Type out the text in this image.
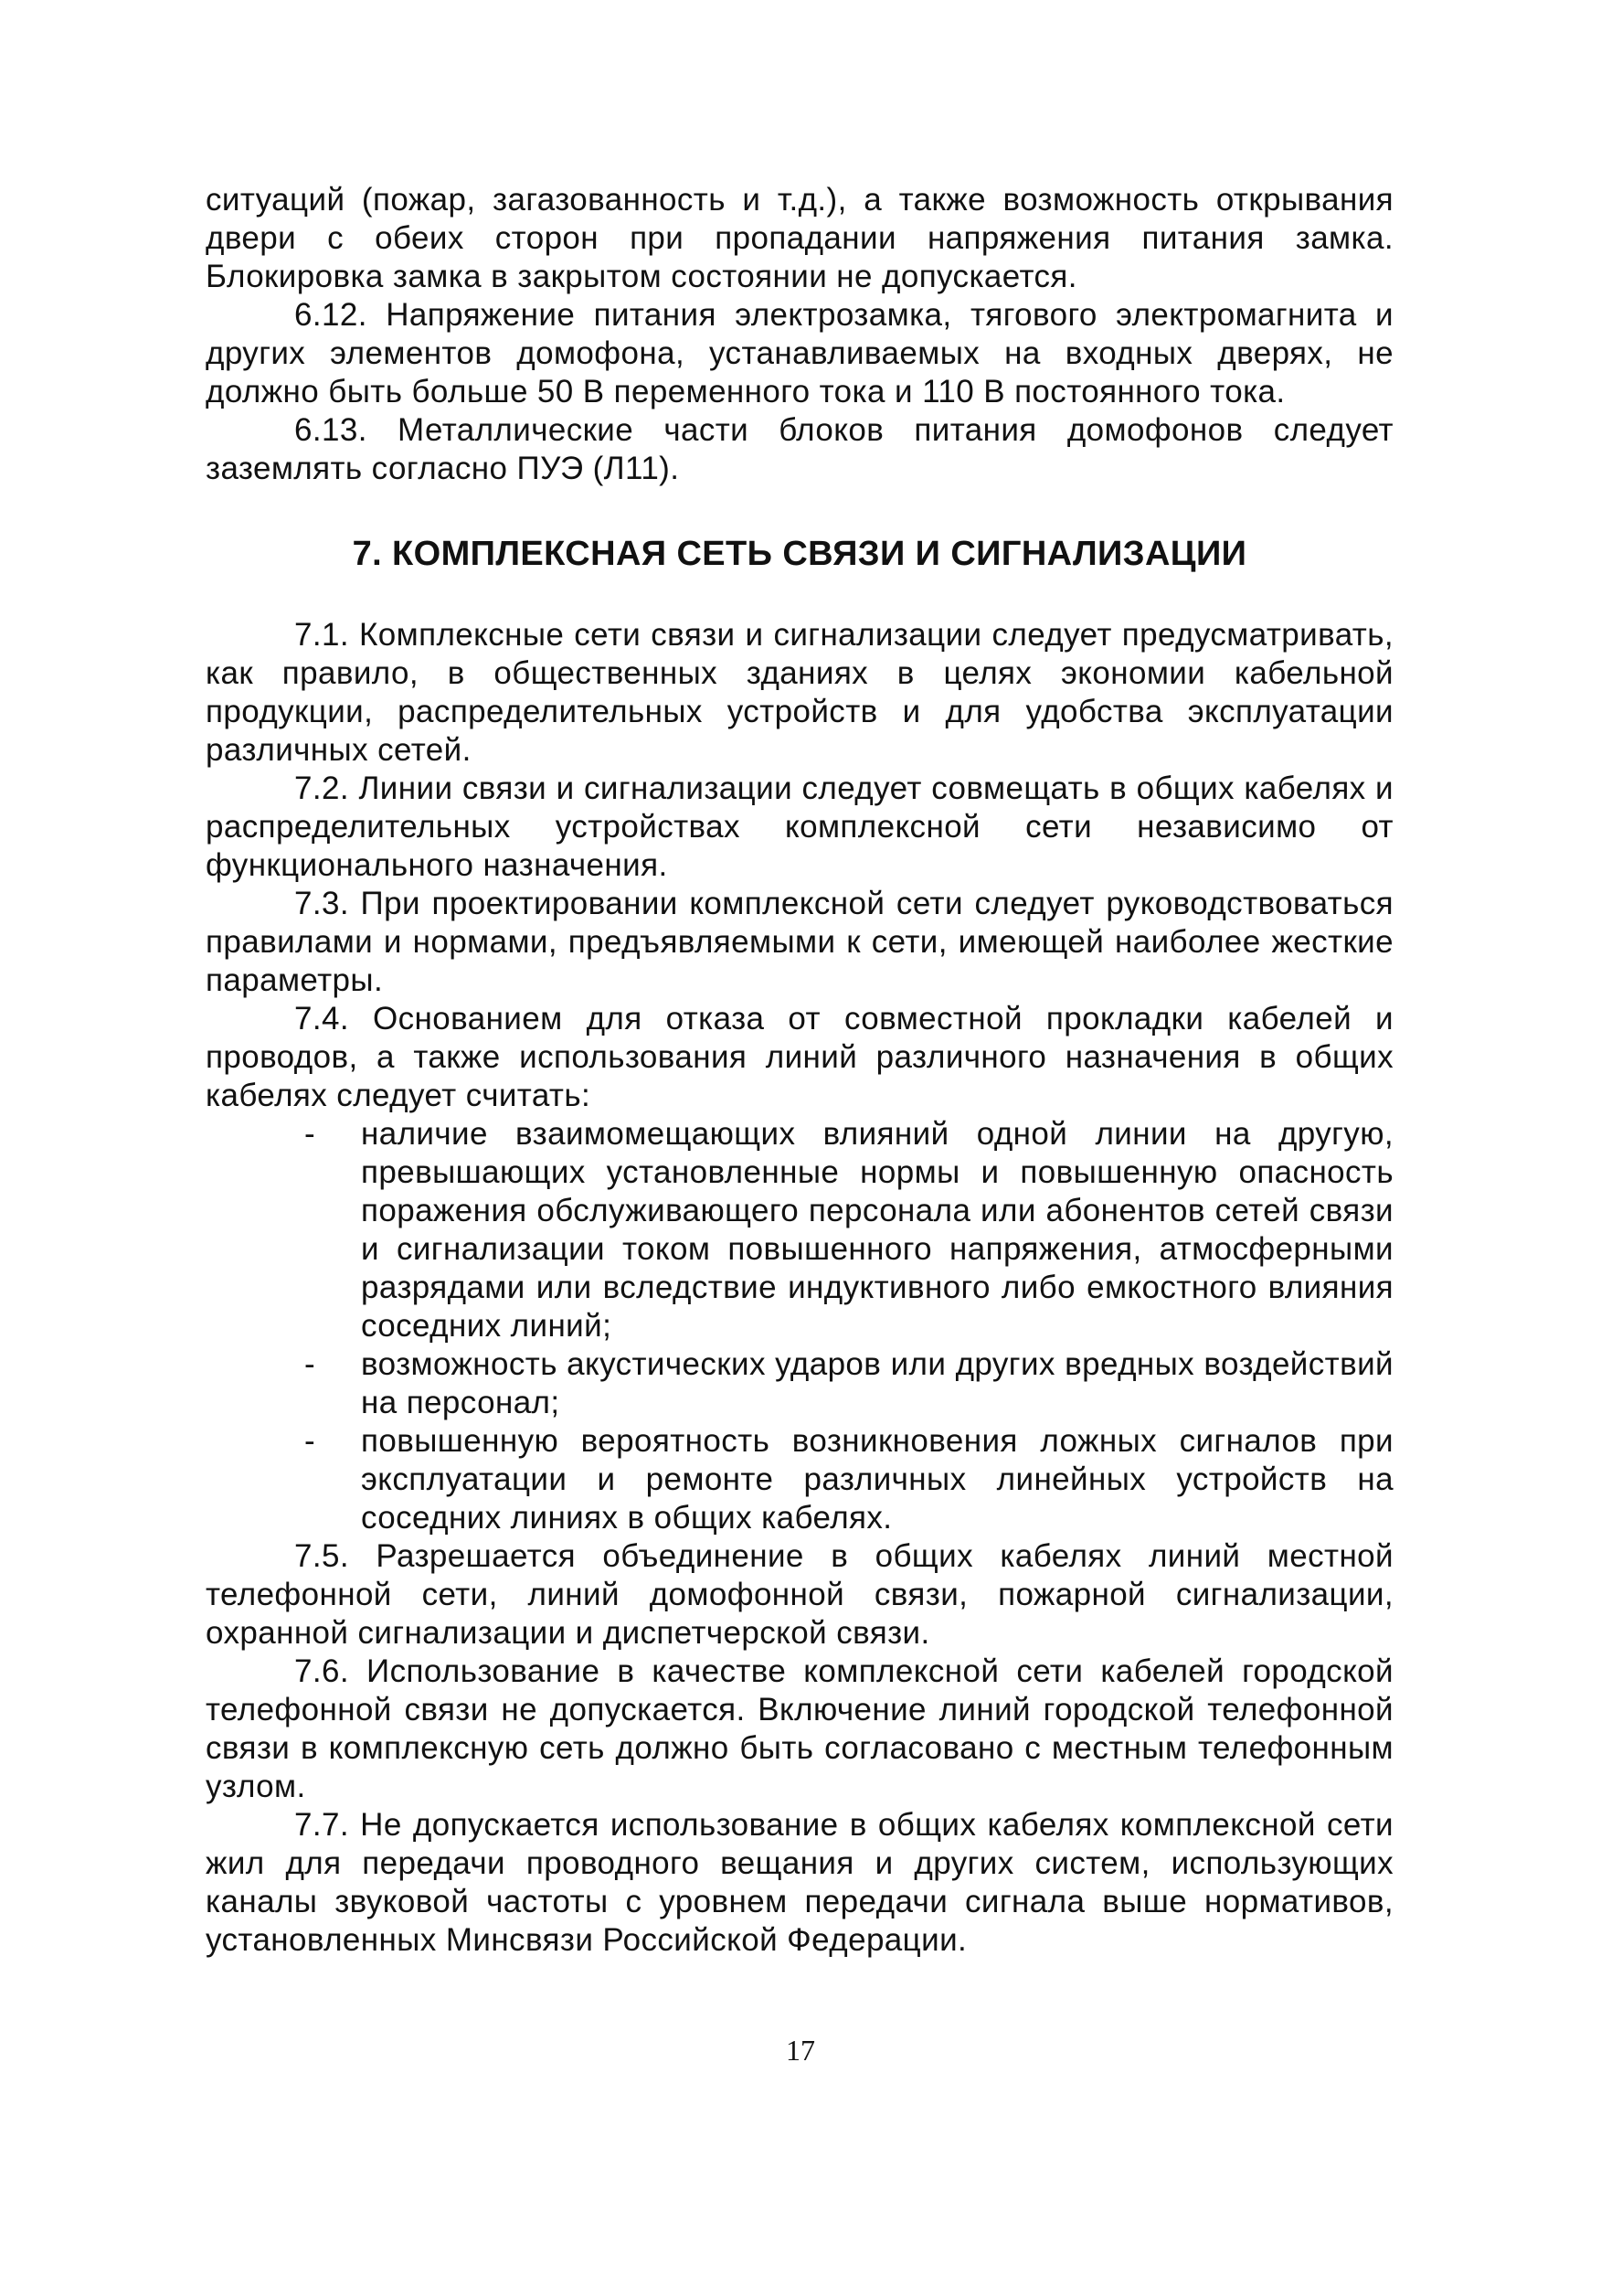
ситуаций (пожар, загазованность и т.д.), а также возможность открывания двери с обеих сторон при пропадании напряжения питания замка. Блокировка замка в закрытом состоянии не допускается.

6.12. Напряжение питания электрозамка, тягового электромагнита и других элементов домофона, устанавливаемых на входных дверях, не должно быть больше 50 В переменного тока и 110 В постоянного тока.

6.13. Металлические части блоков питания домофонов следует заземлять согласно ПУЭ (Л11).

7. КОМПЛЕКСНАЯ СЕТЬ СВЯЗИ И СИГНАЛИЗАЦИИ

7.1. Комплексные сети связи и сигнализации следует предусматривать, как правило, в общественных зданиях в целях экономии кабельной продукции, распределительных устройств и для удобства эксплуатации различных сетей.

7.2. Линии связи и сигнализации следует совмещать в общих кабелях и распределительных устройствах комплексной сети независимо от функционального назначения.

7.3. При проектировании комплексной сети следует руководствоваться правилами и нормами, предъявляемыми к сети, имеющей наиболее жесткие параметры.

7.4. Основанием для отказа от совместной прокладки кабелей и проводов, а также использования линий различного назначения в общих кабелях следует считать:

- наличие взаимомещающих влияний одной линии на другую, превышающих установленные нормы и повышенную опасность поражения обслуживающего персонала или абонентов сетей связи и сигнализации током повышенного напряжения, атмосферными разрядами или вследствие индуктивного либо емкостного влияния соседних линий;
- возможность акустических ударов или других вредных воздействий на персонал;
- повышенную вероятность возникновения ложных сигналов при эксплуатации и ремонте различных линейных устройств на соседних линиях в общих кабелях.

7.5. Разрешается объединение в общих кабелях линий местной телефонной сети, линий домофонной связи, пожарной сигнализации, охранной сигнализации и диспетчерской связи.

7.6. Использование в качестве комплексной сети кабелей городской телефонной связи не допускается. Включение линий городской телефонной связи в комплексную сеть должно быть согласовано с местным телефонным узлом.

7.7. Не допускается использование в общих кабелях комплексной сети жил для передачи проводного вещания и других систем, использующих каналы звуковой частоты с уровнем передачи сигнала выше нормативов, установленных Минсвязи Российской Федерации.

17
